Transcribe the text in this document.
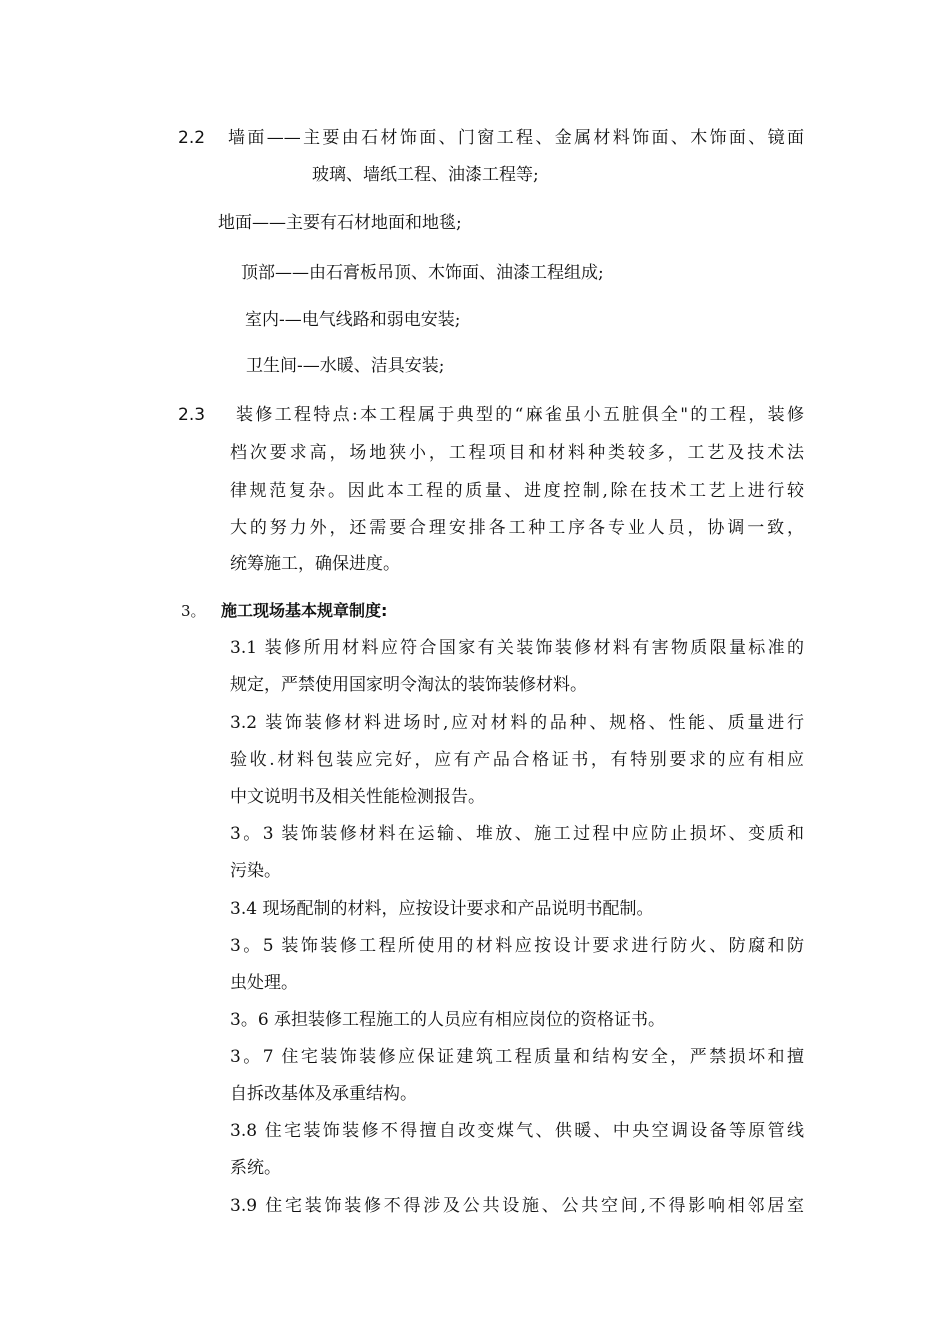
2.2 墙面——主要由石材饰面、门窗工程、金属材料饰面、木饰面、镜面
玻璃、墙纸工程、油漆工程等;
地面——主要有石材地面和地毯;
顶部——由石膏板吊顶、木饰面、油漆工程组成;
室内-—电气线路和弱电安装;
卫生间-—水暖、洁具安装;
2.3 装修工程特点:本工程属于典型的“麻雀虽小五脏俱全"的工程，装修
档次要求高，场地狭小，工程项目和材料种类较多，工艺及技术法
律规范复杂。因此本工程的质量、进度控制,除在技术工艺上进行较
大的努力外，还需要合理安排各工种工序各专业人员，协调一致，
统筹施工，确保进度。
3。 施工现场基本规章制度:
3.1 装修所用材料应符合国家有关装饰装修材料有害物质限量标准的
规定，严禁使用国家明令淘汰的装饰装修材料。
3.2 装饰装修材料进场时,应对材料的品种、规格、性能、质量进行
验收.材料包装应完好，应有产品合格证书，有特别要求的应有相应
中文说明书及相关性能检测报告。
3。3 装饰装修材料在运输、堆放、施工过程中应防止损坏、变质和
污染。
3.4 现场配制的材料，应按设计要求和产品说明书配制。
3。5 装饰装修工程所使用的材料应按设计要求进行防火、防腐和防
虫处理。
3。6 承担装修工程施工的人员应有相应岗位的资格证书。
3。7 住宅装饰装修应保证建筑工程质量和结构安全，严禁损坏和擅
自拆改基体及承重结构。
3.8 住宅装饰装修不得擅自改变煤气、供暖、中央空调设备等原管线
系统。
3.9 住宅装饰装修不得涉及公共设施、公共空间,不得影响相邻居室
